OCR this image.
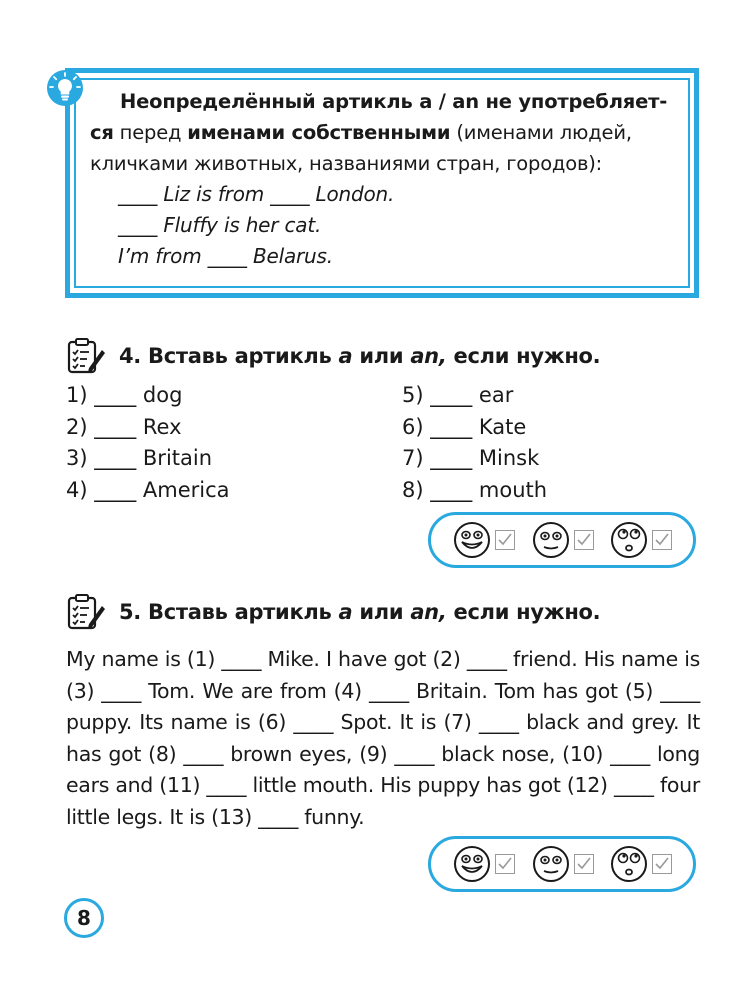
Неопределённый артикль a / an не употребляет-

ся перед именами собственными (именами людей,

кличками животных, названиями стран, городов):

____ Liz is from ____ London.

____ Fluffy is her cat.

I’m from ____ Belarus.

4. Вставь артикль a или an, если нужно.
1) ____ dog
2) ____ Rex
3) ____ Britain
4) ____ America
5) ____ ear
6) ____ Kate
7) ____ Minsk
8) ____ mouth
5. Вставь артикль a или an, если нужно.
My name is (1) ____ Mike. I have got (2) ____ friend. His name is (3) ____ Tom. We are from (4) ____ Britain. Tom has got (5) ____ puppy. Its name is (6) ____ Spot. It is (7) ____ black and grey. It has got (8) ____ brown eyes, (9) ____ black nose, (10) ____ long ears and (11) ____ little mouth. His puppy has got (12) ____ four little legs. It is (13) ____ funny.
8
